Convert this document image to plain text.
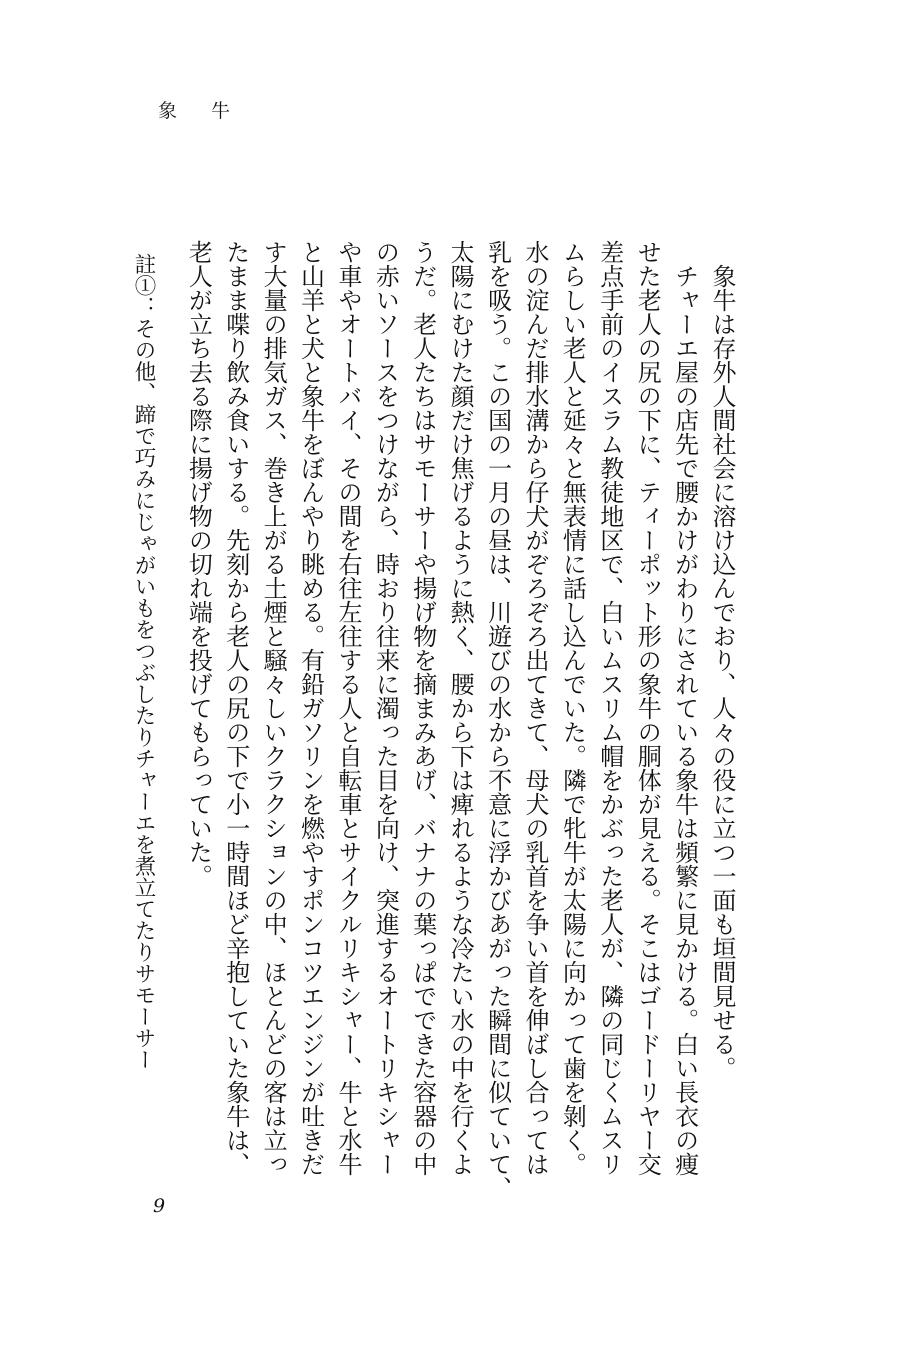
象牛
　象牛は存外人間社会に溶け込んでおり、人々の役に立つ一面も垣間見せる。
　チャーエ屋の店先で腰かけがわりにされている象牛は頻繁に見かける。白い長衣の痩
せた老人の尻の下に、ティーポット形の象牛の胴体が見える。そこはゴードーリヤー交
差点手前のイスラム教徒地区で、白いムスリム帽をかぶった老人が、隣の同じくムスリ
ムらしい老人と延々と無表情に話し込んでいた。隣で牝牛が太陽に向かって歯を剝く。
水の淀んだ排水溝から仔犬がぞろぞろ出てきて、母犬の乳首を争い首を伸ばし合っては
乳を吸う。この国の一月の昼は、川遊びの水から不意に浮かびあがった瞬間に似ていて、
太陽にむけた顔だけ焦げるように熱く、腰から下は痺れるような冷たい水の中を行くよ
うだ。老人たちはサモーサーや揚げ物を摘まみあげ、バナナの葉っぱでできた容器の中
の赤いソースをつけながら、時おり往来に濁った目を向け、突進するオートリキシャー
や車やオートバイ、その間を右往左往する人と自転車とサイクルリキシャー、牛と水牛
と山羊と犬と象牛をぼんやり眺める。有鉛ガソリンを燃やすポンコツエンジンが吐きだ
す大量の排気ガス、巻き上がる土煙と騒々しいクラクションの中、ほとんどの客は立っ
たまま喋り飲み食いする。先刻から老人の尻の下で小一時間ほど辛抱していた象牛は、
老人が立ち去る際に揚げ物の切れ端を投げてもらっていた。
註①：その他、蹄で巧みにじゃがいもをつぶしたりチャーエを煮立てたりサモーサー
9
